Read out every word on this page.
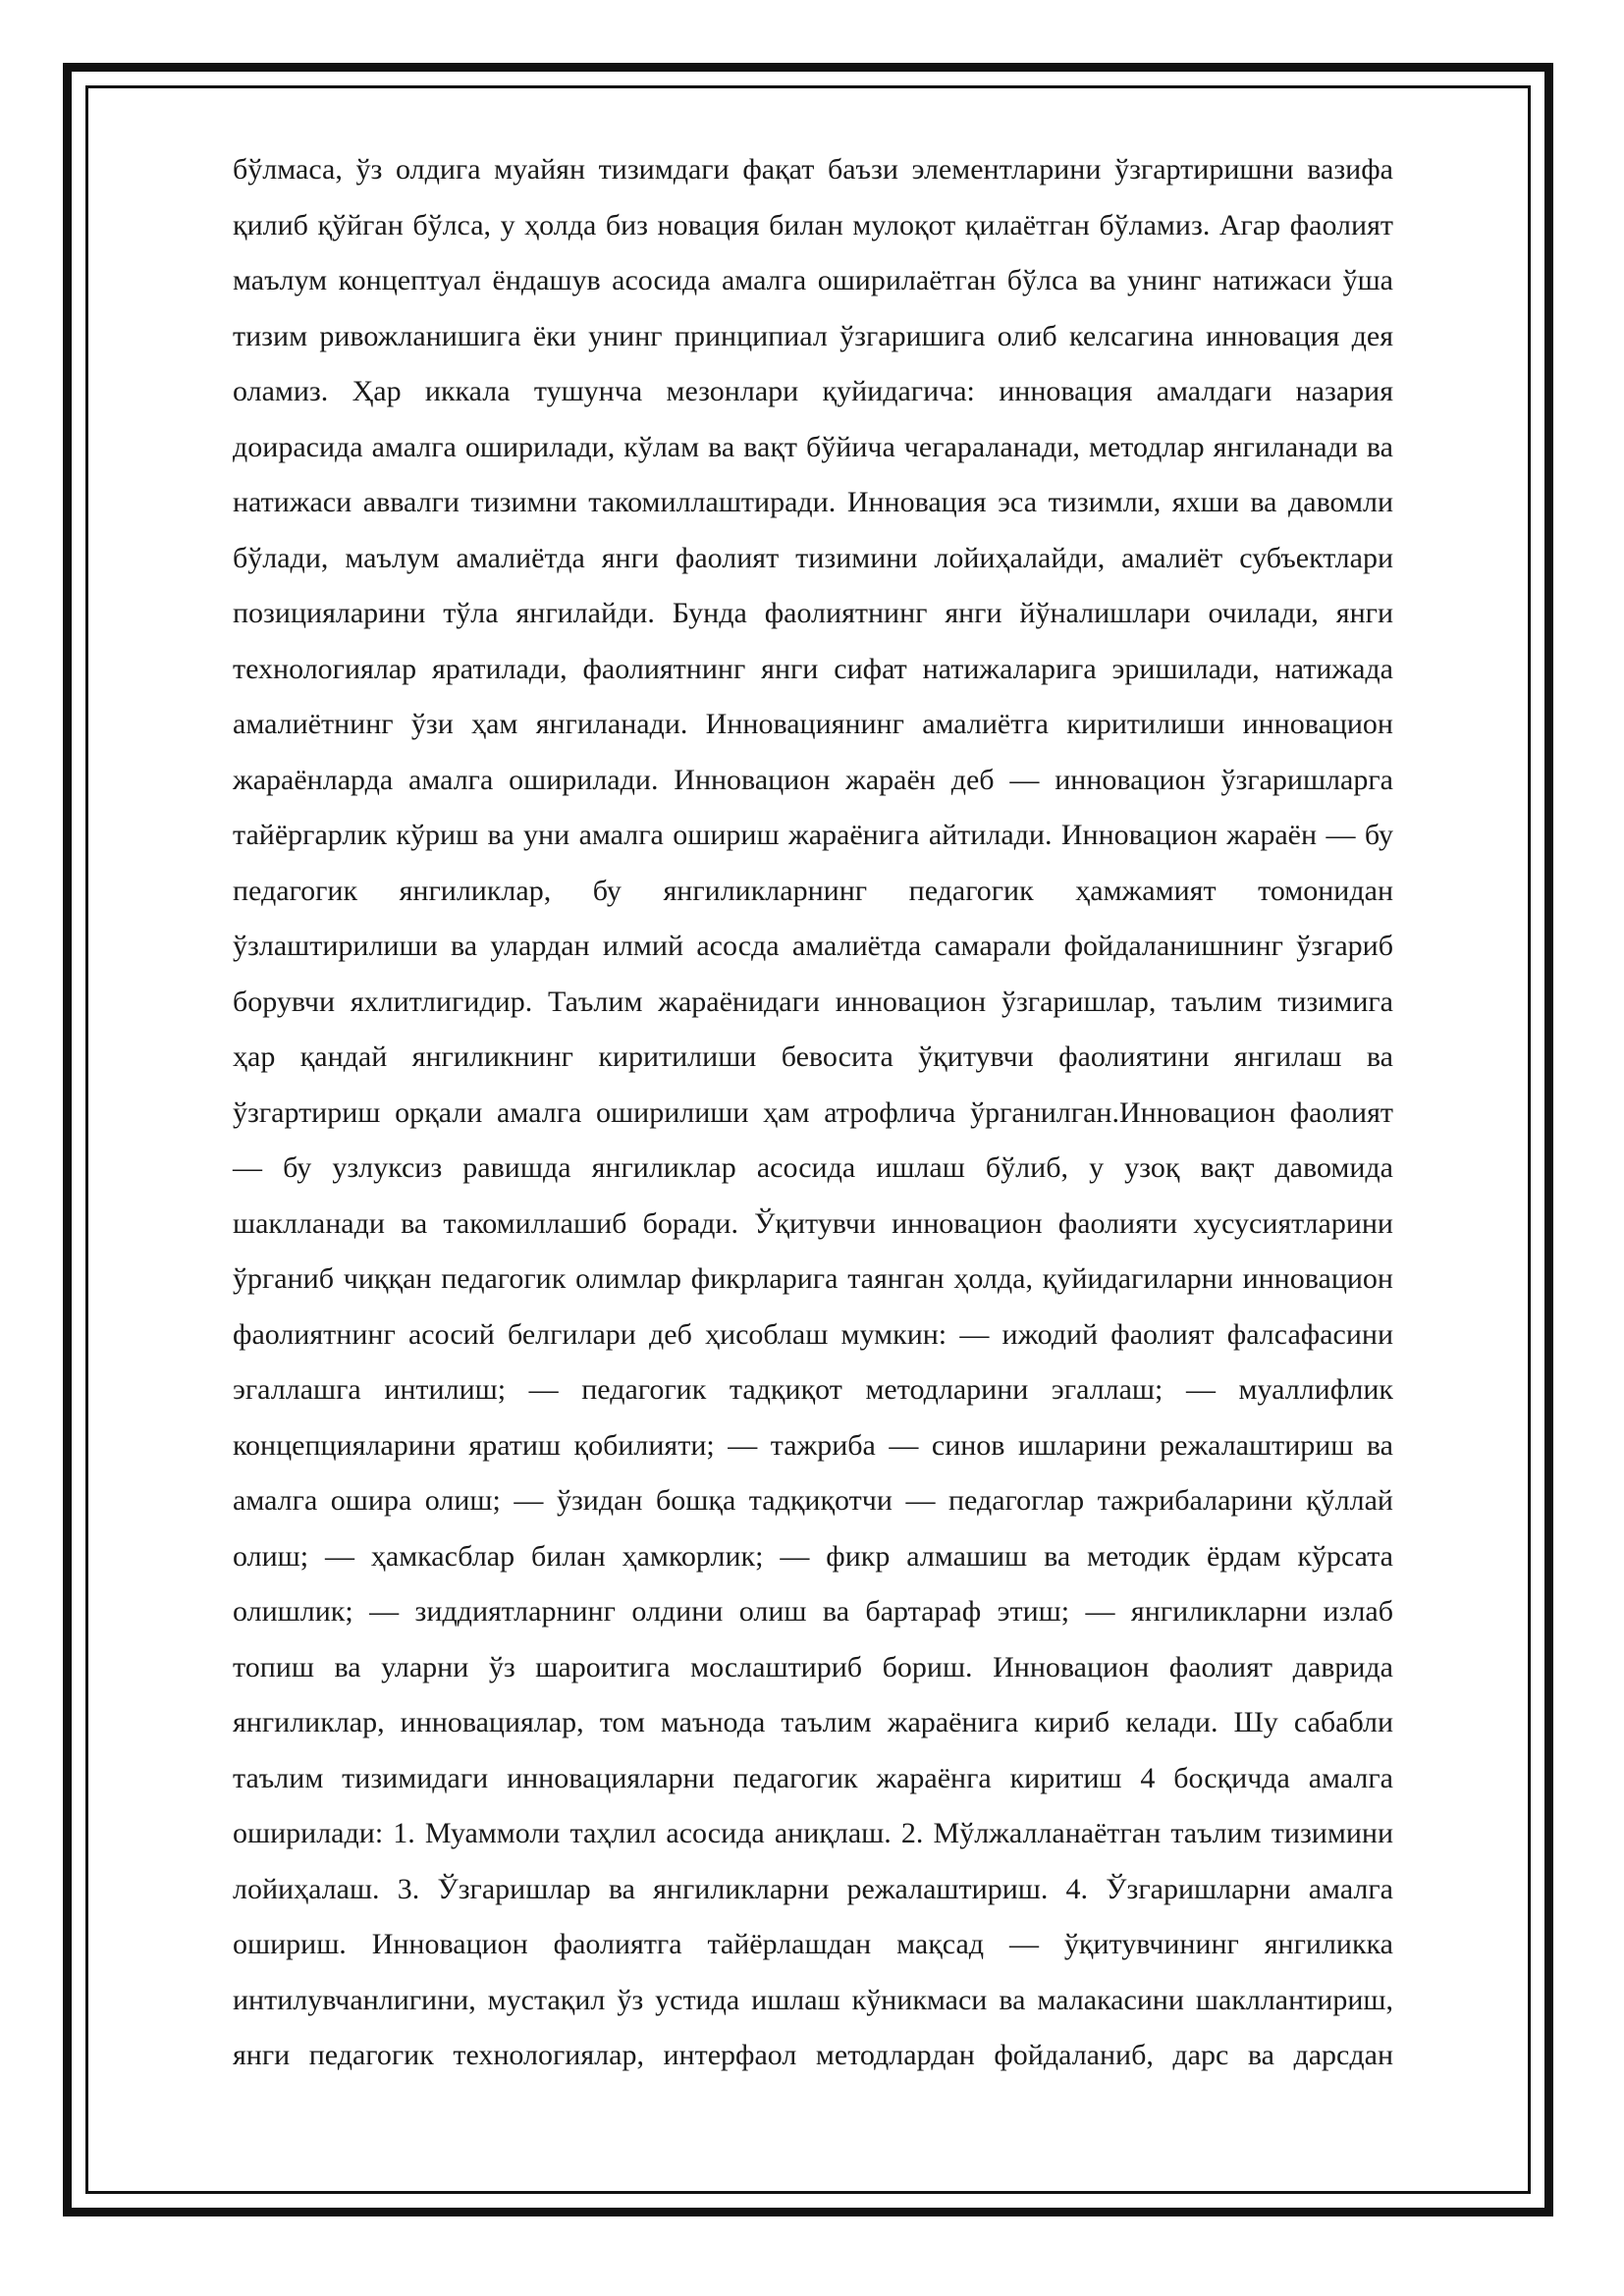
бўлмаса, ўз олдига муайян тизимдаги фақат баъзи элементларини ўзгартиришни вазифа
қилиб қўйган бўлса, у ҳолда биз новация билан мулоқот қилаётган бўламиз. Агар фаолият
маълум концептуал ёндашув асосида амалга оширилаётган бўлса ва унинг натижаси ўша
тизим ривожланишига ёки унинг принципиал ўзгаришига олиб келсагина инновация дея
оламиз. Ҳар иккала тушунча мезонлари қуйидагича: инновация амалдаги назария
доирасида амалга оширилади, кўлам ва вақт бўйича чегараланади, методлар янгиланади ва
натижаси аввалги тизимни такомиллаштиради. Инновация эса тизимли, яхши ва давомли
бўлади, маълум амалиётда янги фаолият тизимини лойиҳалайди, амалиёт субъектлари
позицияларини тўла янгилайди. Бунда фаолиятнинг янги йўналишлари очилади, янги
технологиялар яратилади, фаолиятнинг янги сифат натижаларига эришилади, натижада
амалиётнинг ўзи ҳам янгиланади. Инновациянинг амалиётга киритилиши инновацион
жараёнларда амалга оширилади. Инновацион жараён деб — инновацион ўзгаришларга
тайёргарлик кўриш ва уни амалга ошириш жараёнига айтилади. Инновацион жараён — бу
педагогик янгиликлар, бу янгиликларнинг педагогик ҳамжамият томонидан
ўзлаштирилиши ва улардан илмий асосда амалиётда самарали фойдаланишнинг ўзгариб
борувчи яхлитлигидир. Таълим жараёнидаги инновацион ўзгаришлар, таълим тизимига
ҳар қандай янгиликнинг киритилиши бевосита ўқитувчи фаолиятини янгилаш ва
ўзгартириш орқали амалга оширилиши ҳам атрофлича ўрганилган.Инновацион фаолият
— бу узлуксиз равишда янгиликлар асосида ишлаш бўлиб, у узоқ вақт давомида
шаклланади ва такомиллашиб боради. Ўқитувчи инновацион фаолияти хусусиятларини
ўрганиб чиққан педагогик олимлар фикрларига таянган ҳолда, қуйидагиларни инновацион
фаолиятнинг асосий белгилари деб ҳисоблаш мумкин: — ижодий фаолият фалсафасини
эгаллашга интилиш; — педагогик тадқиқот методларини эгаллаш; — муаллифлик
концепцияларини яратиш қобилияти; — тажриба — синов ишларини режалаштириш ва
амалга ошира олиш; — ўзидан бошқа тадқиқотчи — педагоглар тажрибаларини қўллай
олиш; — ҳамкасблар билан ҳамкорлик; — фикр алмашиш ва методик ёрдам кўрсата
олишлик; — зиддиятларнинг олдини олиш ва бартараф этиш; — янгиликларни излаб
топиш ва уларни ўз шароитига мослаштириб бориш. Инновацион фаолият даврида
янгиликлар, инновациялар, том маънода таълим жараёнига кириб келади. Шу сабабли
таълим тизимидаги инновацияларни педагогик жараёнга киритиш 4 босқичда амалга
оширилади: 1. Муаммоли таҳлил асосида аниқлаш. 2. Мўлжалланаётган таълим тизимини
лойиҳалаш. 3. Ўзгаришлар ва янгиликларни режалаштириш. 4. Ўзгаришларни амалга
ошириш. Инновацион фаолиятга тайёрлашдан мақсад — ўқитувчининг янгиликка
интилувчанлигини, мустақил ўз устида ишлаш кўникмаси ва малакасини шакллантириш,
янги педагогик технологиялар, интерфаол методлардан фойдаланиб, дарс ва дарсдан
